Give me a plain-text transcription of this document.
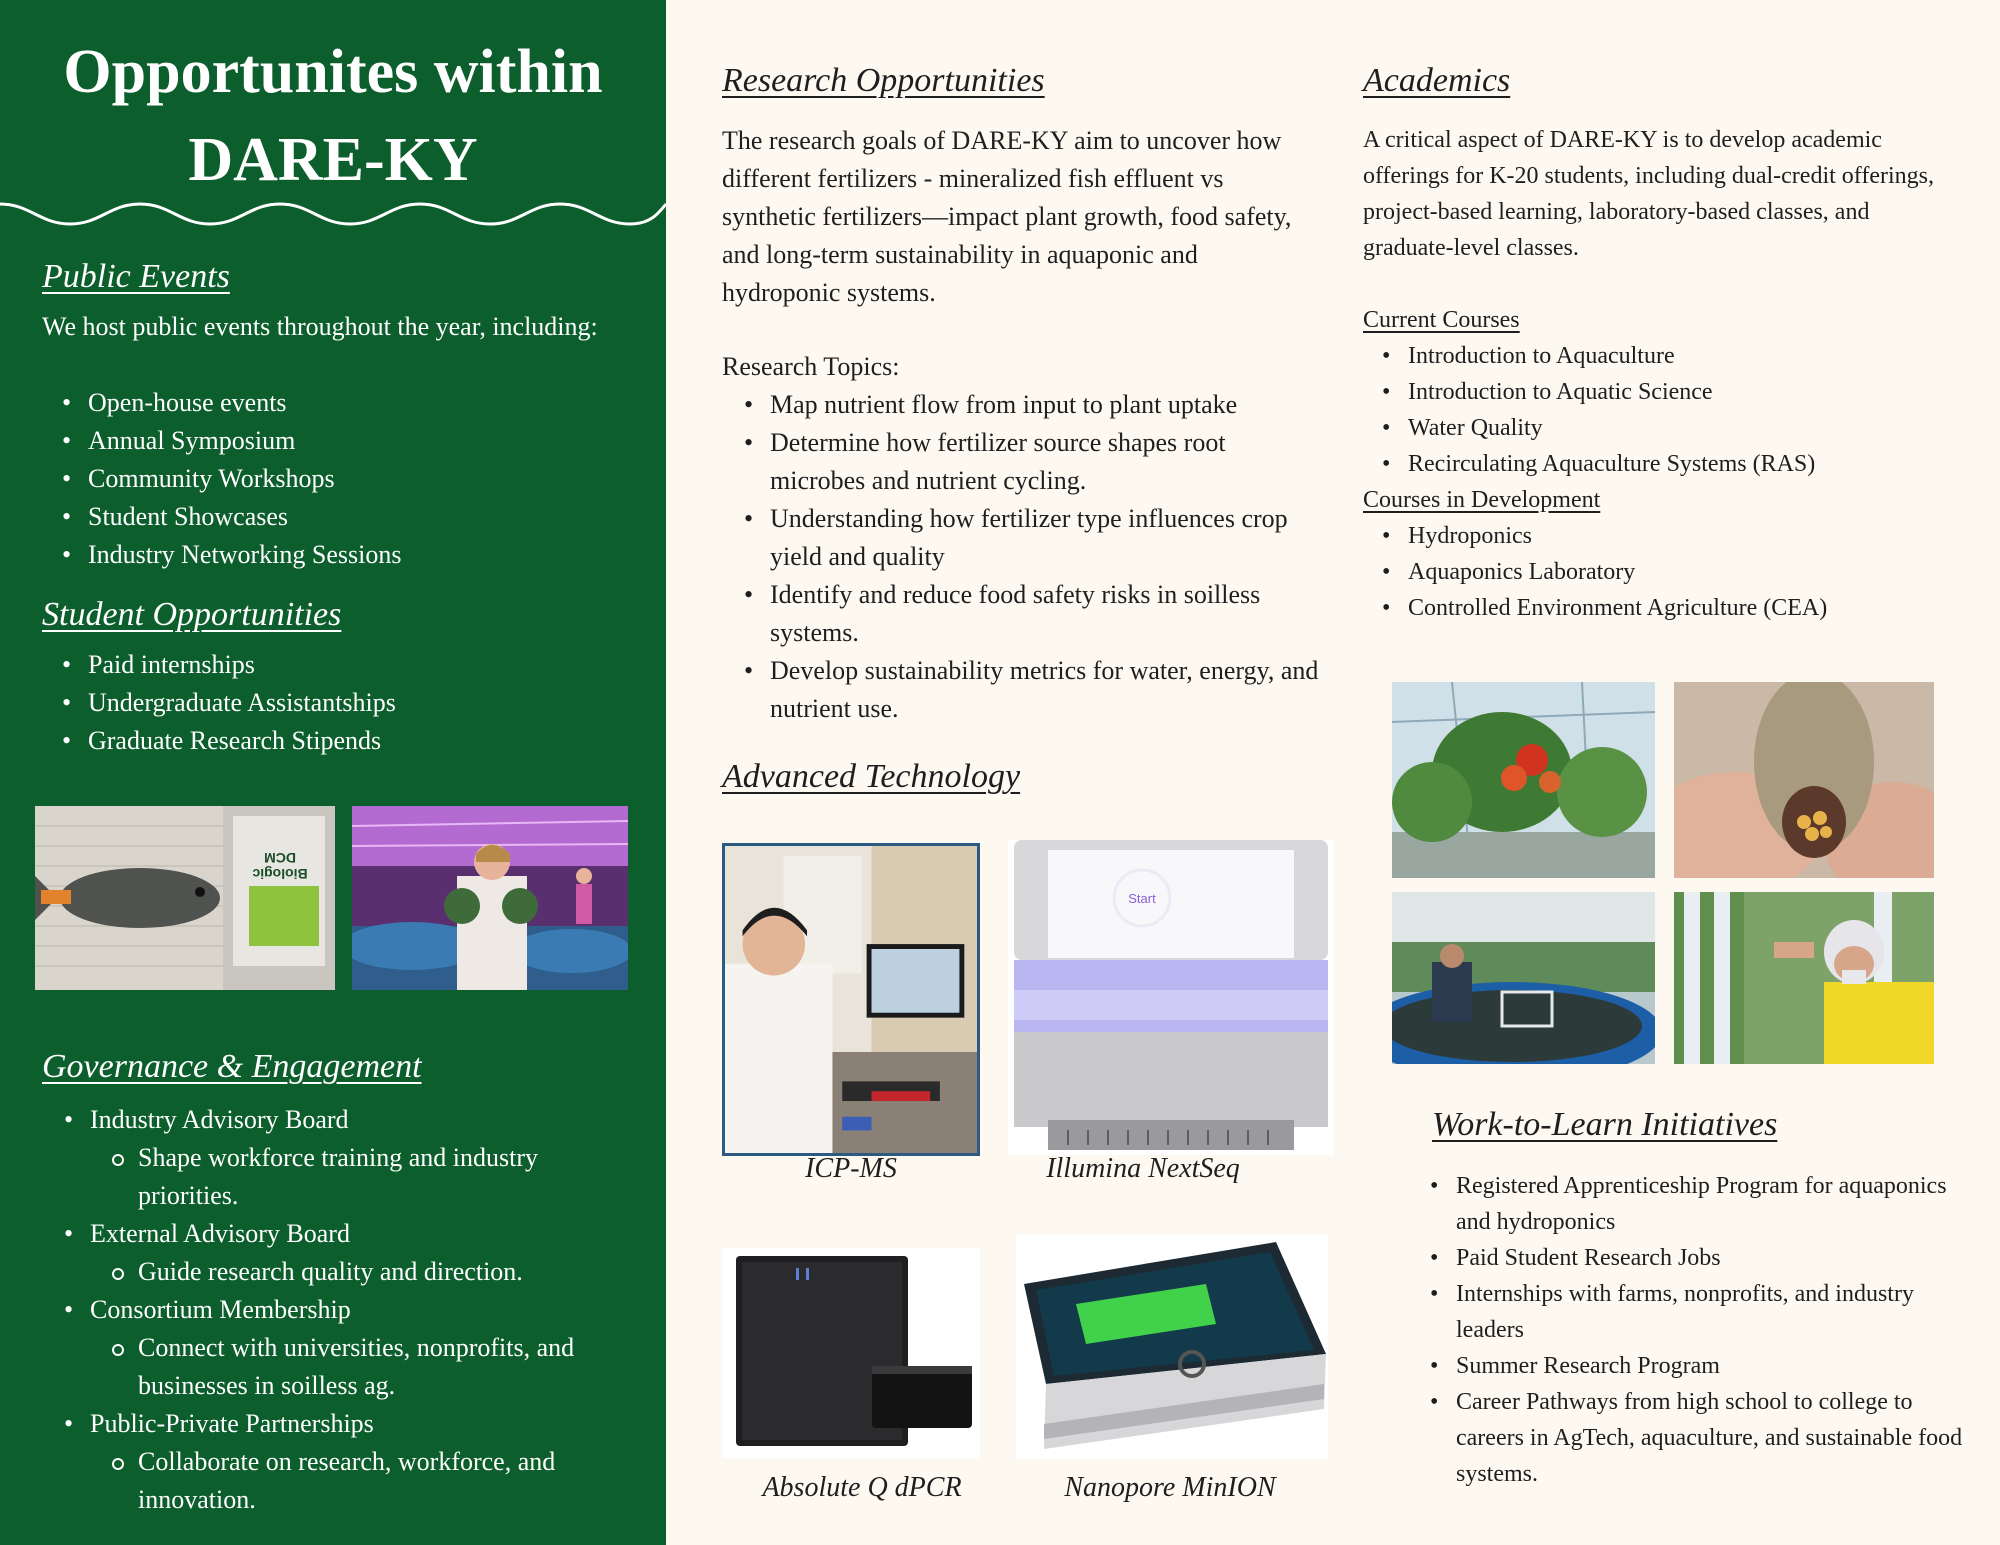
Opportunites within
DARE-KY
Public Events
We host public events throughout the year, including:
• Open-house events
• Annual Symposium
• Community Workshops
• Student Showcases
• Industry Networking Sessions
Student Opportunities
• Paid internships
• Undergraduate Assistantships
• Graduate Research Stipends
Biologic DCM
Governance & Engagement
• Industry Advisory Board
Shape workforce training and industry priorities.
• External Advisory Board
Guide research quality and direction.
• Consortium Membership
Connect with universities, nonprofits, and businesses in soilless ag.
• Public-Private Partnerships
Collaborate on research, workforce, and innovation.
Research Opportunities
The research goals of DARE-KY aim to uncover how different fertilizers - mineralized fish effluent vs synthetic fertilizers—impact plant growth, food safety, and long-term sustainability in aquaponic and hydroponic systems.
Research Topics:
• Map nutrient flow from input to plant uptake
• Determine how fertilizer source shapes root microbes and nutrient cycling.
• Understanding how fertilizer type influences crop yield and quality
• Identify and reduce food safety risks in soilless systems.
• Develop sustainability metrics for water, energy, and nutrient use.
Advanced Technology
Start
ICP-MS	Illumina NextSeq
Absolute Q dPCR	Nanopore MinION
Academics
A critical aspect of DARE-KY is to develop academic offerings for K-20 students, including dual-credit offerings, project-based learning, laboratory-based classes, and graduate-level classes.
Current Courses
• Introduction to Aquaculture
• Introduction to Aquatic Science
• Water Quality
• Recirculating Aquaculture Systems (RAS)
Courses in Development
• Hydroponics
• Aquaponics Laboratory
• Controlled Environment Agriculture (CEA)
Work-to-Learn Initiatives
• Registered Apprenticeship Program for aquaponics and hydroponics
• Paid Student Research Jobs
• Internships with farms, nonprofits, and industry leaders
• Summer Research Program
• Career Pathways from high school to college to careers in AgTech, aquaculture, and sustainable food systems.
